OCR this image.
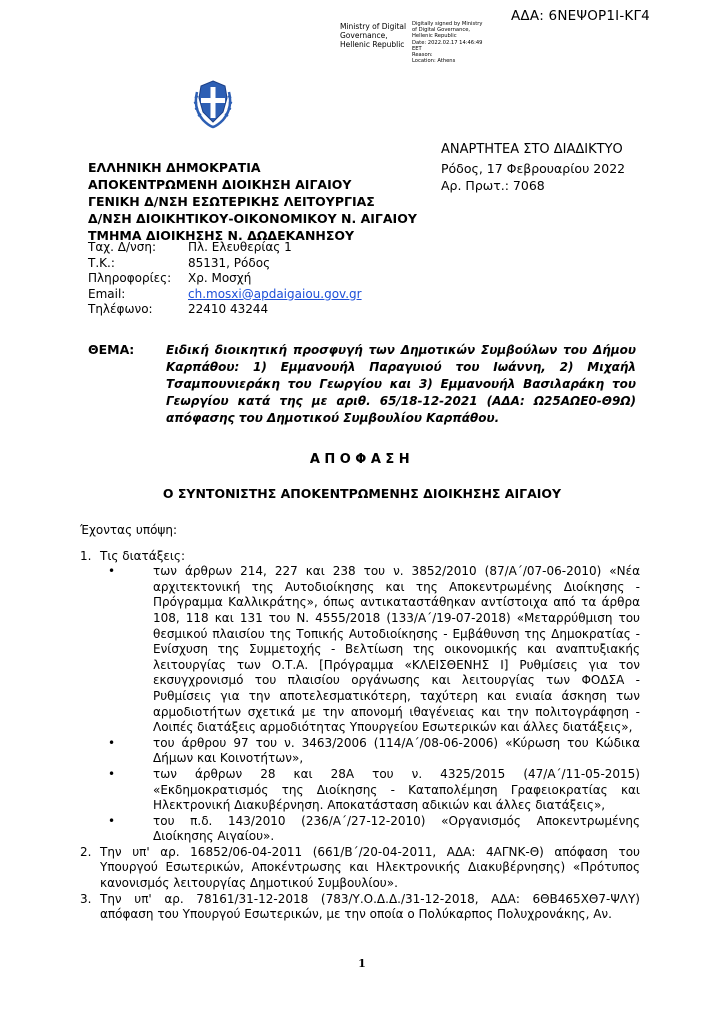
ΑΔΑ: 6ΝΕΨΟΡ1Ι-ΚΓ4
Ministry of Digital
Governance,
Hellenic Republic
Digitally signed by Ministry
of Digital Governance,
Hellenic Republic
Date: 2022.02.17 14:46:49
EET
Reason:
Location: Athens
ΑΝΑΡΤΗΤΕΑ ΣΤΟ ΔΙΑΔΙΚΤΥΟ
Ρόδος, 17 Φεβρουαρίου 2022
Αρ. Πρωτ.: 7068
ΕΛΛΗΝΙΚΗ ΔΗΜΟΚΡΑΤΙΑ
ΑΠΟΚΕΝΤΡΩΜΕΝΗ ΔΙΟΙΚΗΣΗ ΑΙΓΑΙΟΥ
ΓΕΝΙΚΗ Δ/ΝΣΗ ΕΣΩΤΕΡΙΚΗΣ ΛΕΙΤΟΥΡΓΙΑΣ
Δ/ΝΣΗ ΔΙΟΙΚΗΤΙΚΟΥ-ΟΙΚΟΝΟΜΙΚΟΥ Ν. ΑΙΓΑΙΟΥ
ΤΜΗΜΑ ΔΙΟΙΚΗΣΗΣ Ν. ΔΩΔΕΚΑΝΗΣΟΥ
Ταχ. Δ/νση:	Πλ. Ελευθερίας 1
Τ.Κ.:	85131, Ρόδος
Πληροφορίες:	Χρ. Μοσχή
Email:	ch.mosxi@apdaigaiou.gov.gr
Τηλέφωνο:	22410 43244
ΘΕΜΑ:	Ειδική διοικητική προσφυγή των Δημοτικών Συμβούλων του Δήμου Καρπάθου: 1) Εμμανουήλ Παραγυιού του Ιωάννη, 2) Μιχαήλ Τσαμπουνιεράκη του Γεωργίου και 3) Εμμανουήλ Βασιλαράκη του Γεωργίου κατά της με αριθ. 65/18-12-2021 (ΑΔΑ: Ω25ΑΩΕ0-Θ9Ω) απόφασης του Δημοτικού Συμβουλίου Καρπάθου.
ΑΠΟΦΑΣΗ
Ο ΣΥΝΤΟΝΙΣΤΗΣ ΑΠΟΚΕΝΤΡΩΜΕΝΗΣ ΔΙΟΙΚΗΣΗΣ ΑΙΓΑΙΟΥ

Έχοντας υπόψη:

1. Τις διατάξεις:
•	των άρθρων 214, 227 και 238 του ν. 3852/2010 (87/Α΄/07-06-2010) «Νέα αρχιτεκτονική της Αυτοδιοίκησης και της Αποκεντρωμένης Διοίκησης - Πρόγραμμα Καλλικράτης», όπως αντικαταστάθηκαν αντίστοιχα από τα άρθρα 108, 118 και 131 του Ν. 4555/2018 (133/Α΄/19-07-2018) «Μεταρρύθμιση του θεσμικού πλαισίου της Τοπικής Αυτοδιοίκησης - Εμβάθυνση της Δημοκρατίας - Ενίσχυση της Συμμετοχής - Βελτίωση της οικονομικής και αναπτυξιακής λειτουργίας των Ο.Τ.Α. [Πρόγραμμα «ΚΛΕΙΣΘΕΝΗΣ Ι] Ρυθμίσεις για τον εκσυγχρονισμό του πλαισίου οργάνωσης και λειτουργίας των ΦΟΔΣΑ - Ρυθμίσεις για την αποτελεσματικότερη, ταχύτερη και ενιαία άσκηση των αρμοδιοτήτων σχετικά με την απονομή ιθαγένειας και την πολιτογράφηση - Λοιπές διατάξεις αρμοδιότητας Υπουργείου Εσωτερικών και άλλες διατάξεις»,
•	του άρθρου 97 του ν. 3463/2006 (114/Α΄/08-06-2006) «Κύρωση του Κώδικα Δήμων και Κοινοτήτων»,
•	των άρθρων 28 και 28Α του ν. 4325/2015 (47/Α΄/11-05-2015) «Εκδημοκρατισμός της Διοίκησης - Καταπολέμηση Γραφειοκρατίας και Ηλεκτρονική Διακυβέρνηση. Αποκατάσταση αδικιών και άλλες διατάξεις»,
•	του π.δ. 143/2010 (236/Α΄/27-12-2010) «Οργανισμός Αποκεντρωμένης Διοίκησης Αιγαίου».
2. Την υπ' αρ. 16852/06-04-2011 (661/Β΄/20-04-2011, ΑΔΑ: 4ΑΓΝΚ-Θ) απόφαση του Υπουργού Εσωτερικών, Αποκέντρωσης και Ηλεκτρονικής Διακυβέρνησης) «Πρότυπος κανονισμός λειτουργίας Δημοτικού Συμβουλίου».
3. Την υπ' αρ. 78161/31-12-2018 (783/Υ.Ο.Δ.Δ./31-12-2018, ΑΔΑ: 6ΘΒ465ΧΘ7-ΨΛΥ) απόφαση του Υπουργού Εσωτερικών, με την οποία ο Πολύκαρπος Πολυχρονάκης, Αν.
1
